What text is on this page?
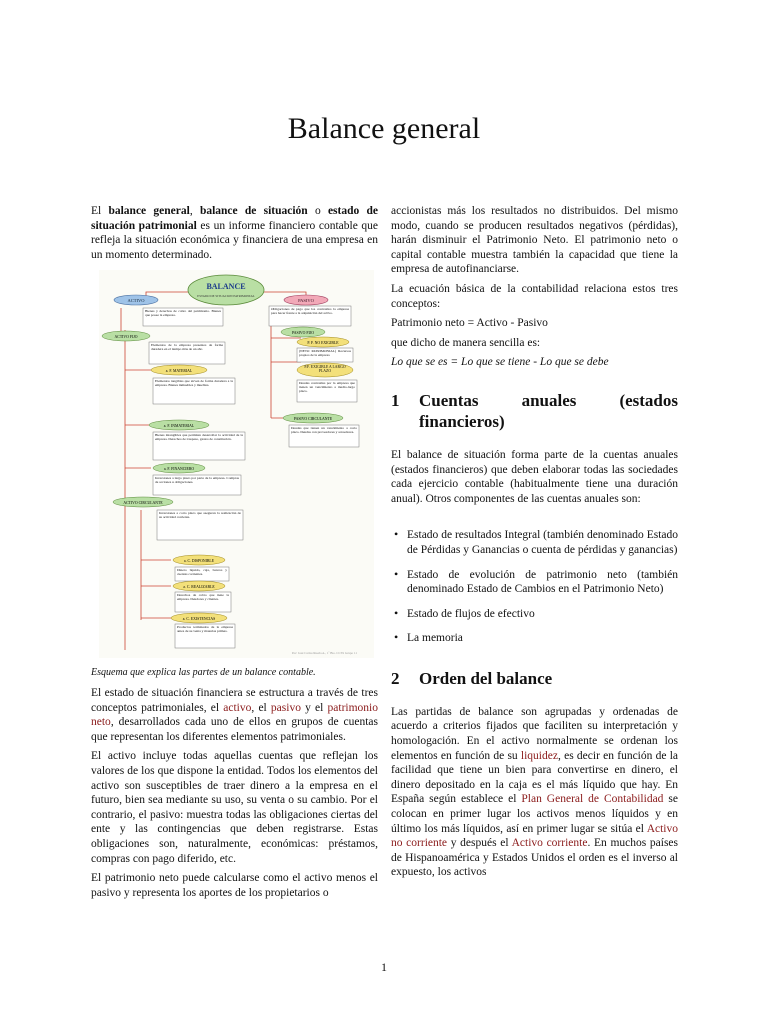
Balance general

El balance general, balance de situación o estado de situación patrimonial es un informe financiero contable que refleja la situación económica y financiera de una empresa en un momento determinado.

BALANCE
ESTADO DE SITUACION PATRIMONIAL
ACTIVO	PASIVO
Bienes y derechos de cobro del patrimonio. Bienes que posee la empresa.
Obligaciones de pago que los contraídos la empresa para hacer frente a la adquisición del activo.
ACTIVO FIJO
Elementos de la empresa presentes de forma duradera en el tiempo más de un año
a. F. MATERIAL
Elementos tangibles que sirven de forma duradera a la empresa. Bienes inmuebles y muebles.
a. F. INMATERIAL
Bienes intangibles que permiten desarrollar la actividad de la empresa. Derechos de traspaso, gastos de constitución.
a. F. FINANCIERO
Inversiones a largo plazo por parte de la empresa. Compras de acciones u obligaciones.
ACTIVO CIRCULANTE
Inversiones a corto plazo que aseguran la realización de su actividad corriente.
a. C. DISPONIBLE
Dinero líquido, caja, bancos y cuentas corrientes.
a. C. REALIZABLE
Derechos de cobro que tiene la empresa. Deudores y clientes.
a. C. EXISTENCIAS
Productos terminados de la empresa antes de su venta y materias primas.
PASIVO FIJO
P. F. NO EXIGIBLE
(NETO PATRIMONIAL) Recursos propios de la empresa
P.F. EXIGIBLE A LARGO PLAZO
Deudas contraídas por la empresa que tienen un vencimiento a medio-largo plazo.
PASIVO CIRCULANTE
Deudas que tienen un vencimiento a corto plazo. Deudas con proveedores y acreedores.
Por: José Carlos Rueda A., 1º Bto. CCSS Grupo 11

Esquema que explica las partes de un balance contable.

El estado de situación financiera se estructura a través de tres conceptos patrimoniales, el activo, el pasivo y el patrimonio neto, desarrollados cada uno de ellos en grupos de cuentas que representan los diferentes elementos patrimoniales.

El activo incluye todas aquellas cuentas que reflejan los valores de los que dispone la entidad. Todos los elementos del activo son susceptibles de traer dinero a la empresa en el futuro, bien sea mediante su uso, su venta o su cambio. Por el contrario, el pasivo: muestra todas las obligaciones ciertas del ente y las contingencias que deben registrarse. Estas obligaciones son, naturalmente, económicas: préstamos, compras con pago diferido, etc.

El patrimonio neto puede calcularse como el activo menos el pasivo y representa los aportes de los propietarios o

accionistas más los resultados no distribuidos. Del mismo modo, cuando se producen resultados negativos (pérdidas), harán disminuir el Patrimonio Neto. El patrimonio neto o capital contable muestra también la capacidad que tiene la empresa de autofinanciarse.

La ecuación básica de la contabilidad relaciona estos tres conceptos:

Patrimonio neto = Activo - Pasivo

que dicho de manera sencilla es:

Lo que se es = Lo que se tiene - Lo que se debe

1	Cuentas anuales (estados financieros)

El balance de situación forma parte de la cuentas anuales (estados financieros) que deben elaborar todas las sociedades cada ejercicio contable (habitualmente tiene una duración anual). Otros componentes de las cuentas anuales son:

• Estado de resultados Integral (también denominado Estado de Pérdidas y Ganancias o cuenta de pérdidas y ganancias)
• Estado de evolución de patrimonio neto (también denominado Estado de Cambios en el Patrimonio Neto)
• Estado de flujos de efectivo
• La memoria
2	Orden del balance

Las partidas de balance son agrupadas y ordenadas de acuerdo a criterios fijados que faciliten su interpretación y homologación. En el activo normalmente se ordenan los elementos en función de su liquidez, es decir en función de la facilidad que tiene un bien para convertirse en dinero, el dinero depositado en la caja es el más líquido que hay. En España según establece el Plan General de Contabilidad se colocan en primer lugar los activos menos líquidos y en último los más líquidos, así en primer lugar se sitúa el Activo no corriente y después el Activo corriente. En muchos países de Hispanoamérica y Estados Unidos el orden es el inverso al expuesto, los activos

1
